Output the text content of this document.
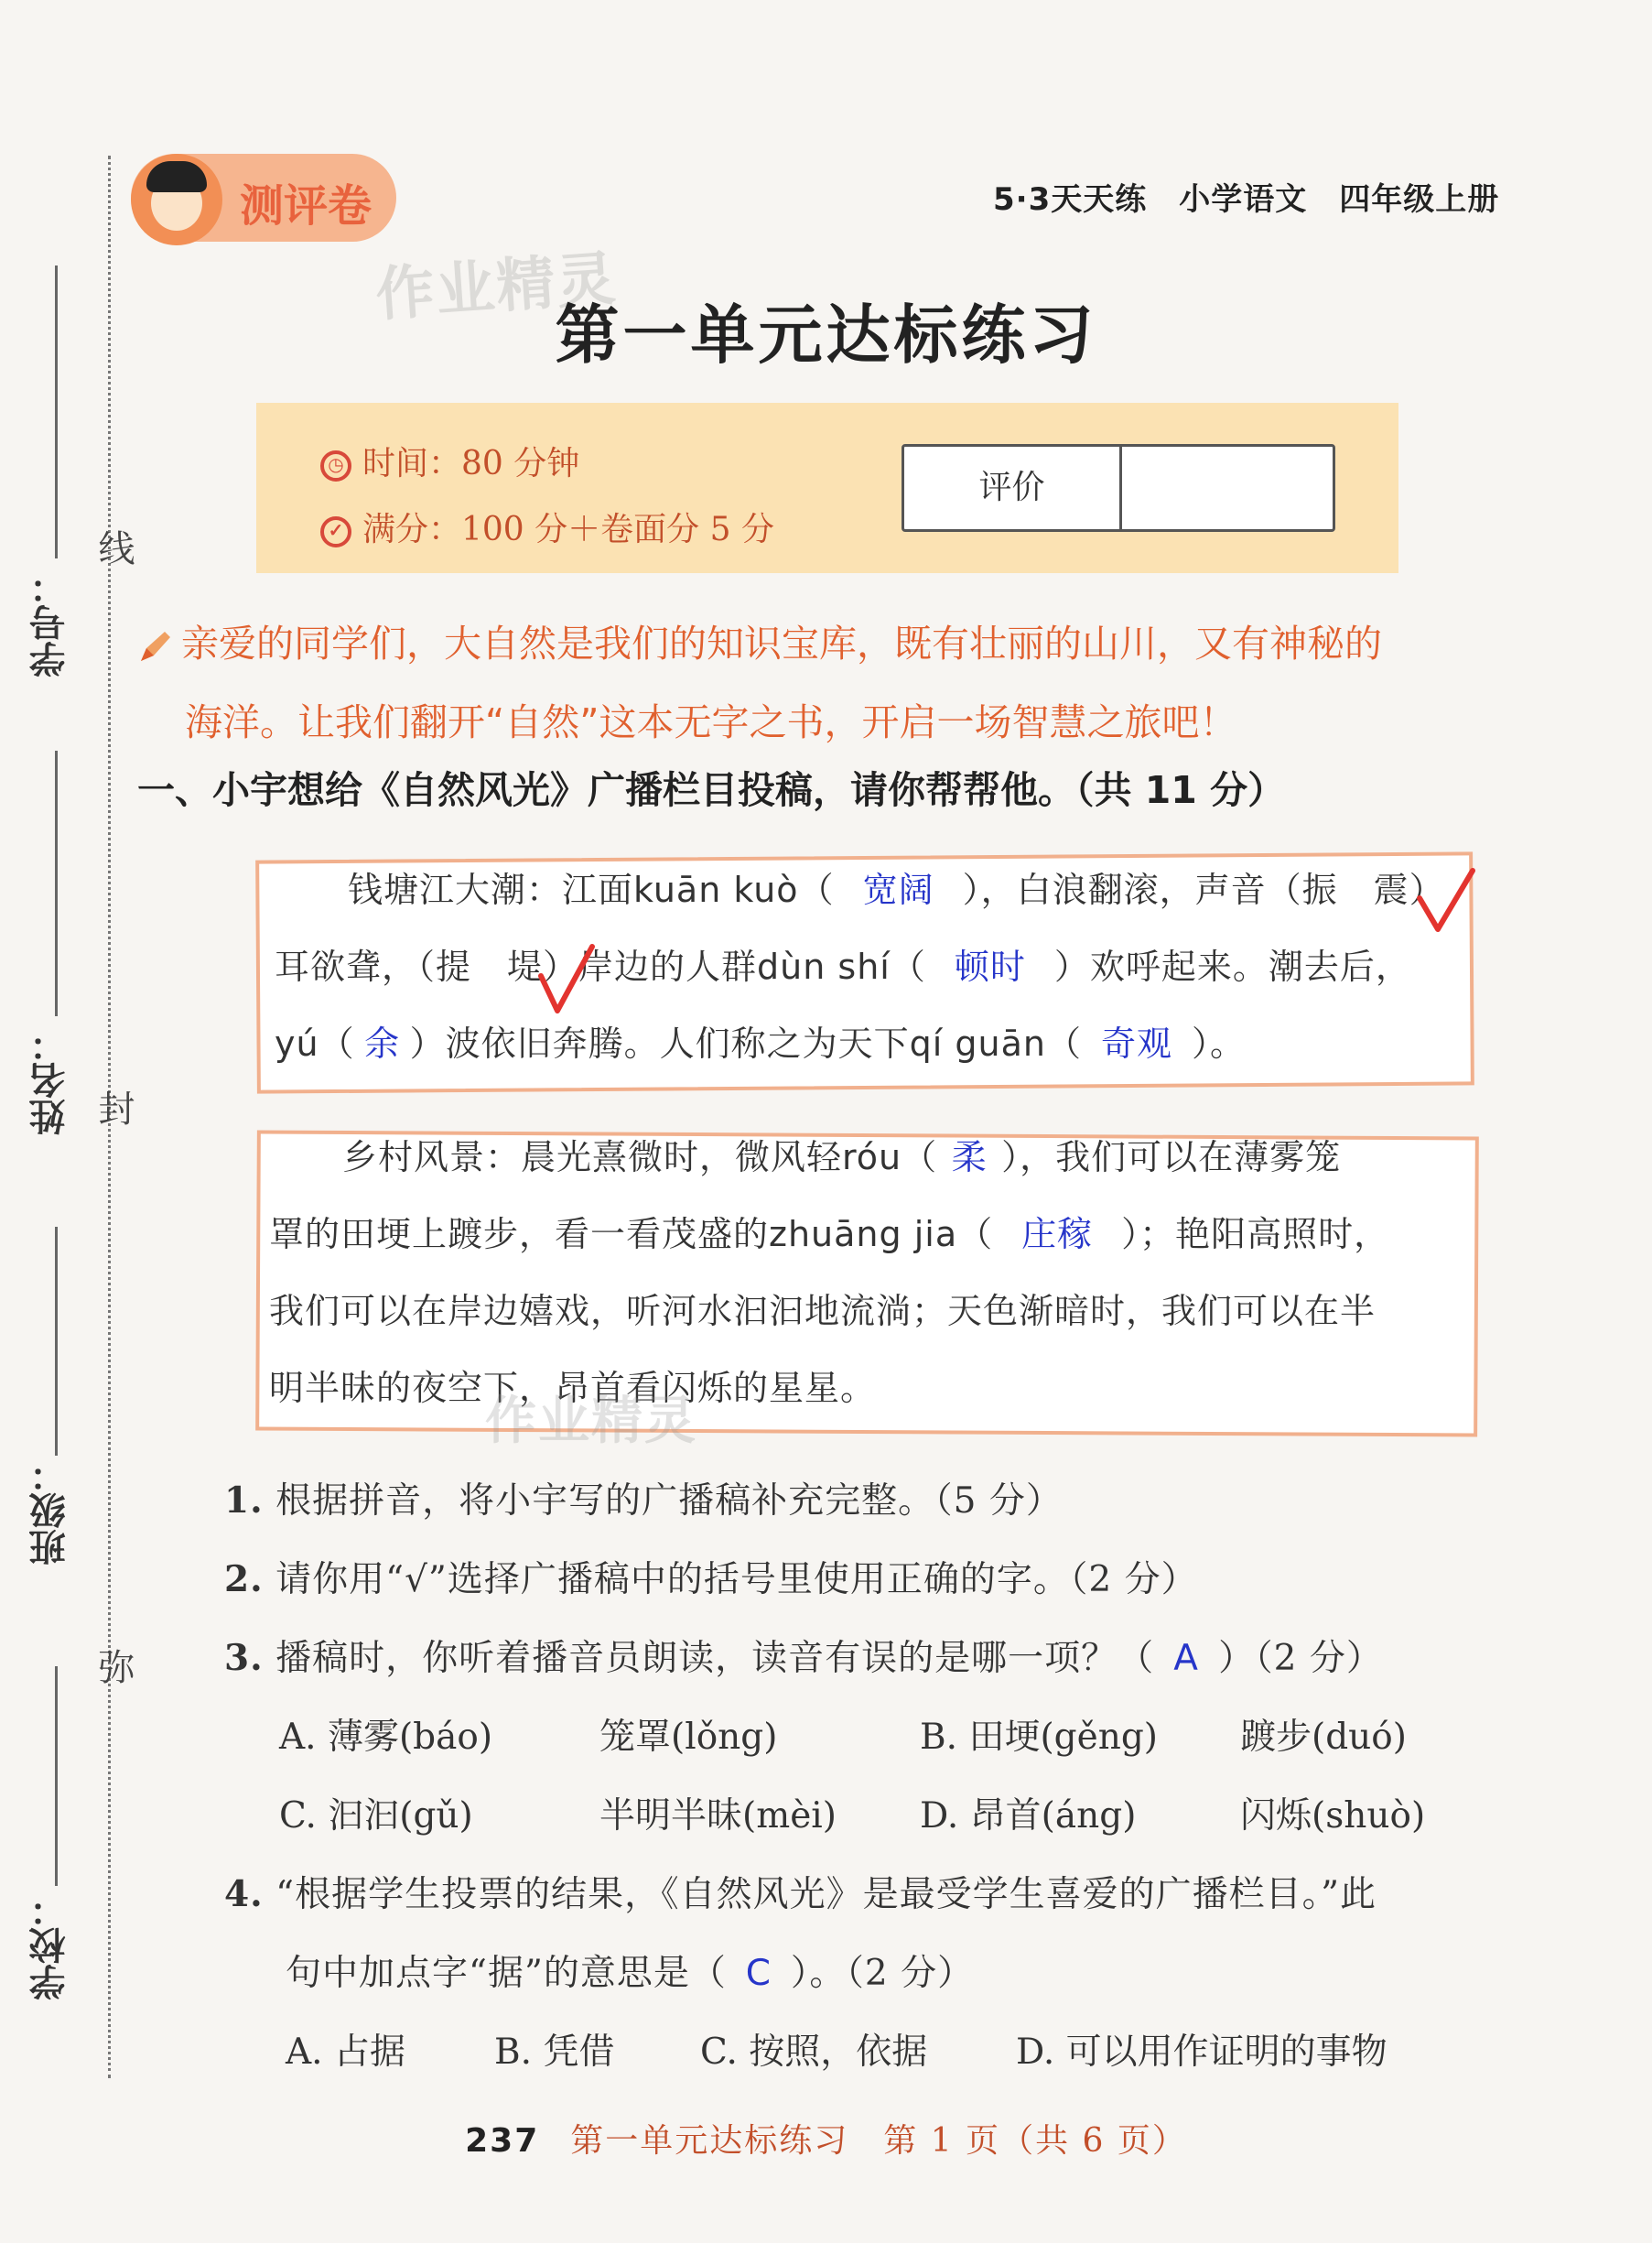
线
封
弥
学号：
姓名：
班级：
学校：
测评卷	5·3天天练　小学语文　四年级上册
作业精灵
第一单元达标练习
◷ 时间：80 分钟
✓ 满分：100 分＋卷面分 5 分
评价
亲爱的同学们，大自然是我们的知识宝库，既有壮丽的山川，又有神秘的
海洋。让我们翻开“自然”这本无字之书，开启一场智慧之旅吧！
一、小宇想给《自然风光》广播栏目投稿，请你帮帮他。（共 11 分）
钱塘江大潮：江面kuān kuò（ 宽阔 ），白浪翻滚，声音（振　震）
耳欲聋，（提　堤）岸边的人群dùn shí（ 顿时 ）欢呼起来。潮去后，
yú（ 余 ）波依旧奔腾。人们称之为天下qí guān（ 奇观 ）。
乡村风景：晨光熹微时，微风轻róu（ 柔 ），我们可以在薄雾笼
罩的田埂上踱步，看一看茂盛的zhuāng jia（ 庄稼 ）；艳阳高照时，
我们可以在岸边嬉戏，听河水汩汩地流淌；天色渐暗时，我们可以在半
明半昧的夜空下，昂首看闪烁的星星。
作业精灵
1. 根据拼音，将小宇写的广播稿补充完整。（5 分）
2. 请你用“√”选择广播稿中的括号里使用正确的字。（2 分）
3. 播稿时，你听着播音员朗读，读音有误的是哪一项？（ A ）（2 分）
A. 薄雾(báo)	笼罩(lǒng)	B. 田埂(gěng) 踱步(duó)
C. 汩汩(gǔ)	半明半昧(mèi) D. 昂首(áng)	闪烁(shuò)
4. “根据学生投票的结果，《自然风光》是最受学生喜爱的广播栏目。”此
句中加点字“据”的意思是（ C ）。（2 分）
A. 占据 B. 凭借 C. 按照，依据 D. 可以用作证明的事物
237 第一单元达标练习　第 1 页（共 6 页）
